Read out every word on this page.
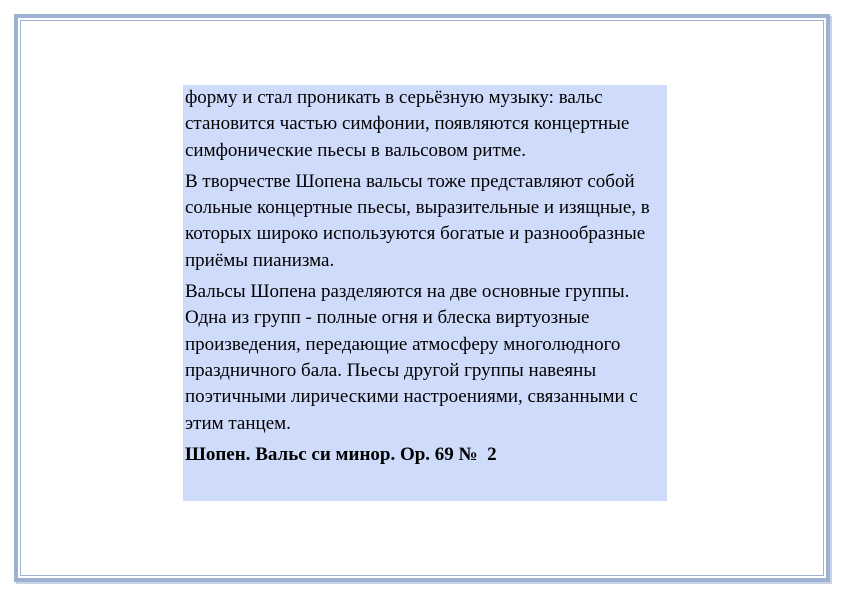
форму и стал проникать в серьёзную музыку: вальс становится частью симфонии, появляются концертные симфонические пьесы в вальсовом ритме.

В творчестве Шопена вальсы тоже представляют собой сольные концертные пьесы, выразительные и изящные, в которых широко используются богатые и разнообразные приёмы пианизма.

Вальсы Шопена разделяются на две основные группы. Одна из групп - полные огня и блеска виртуозные произведения, передающие атмосферу многолюдного праздничного бала. Пьесы другой группы навеяны поэтичными лирическими настроениями, связанными с этим танцем.

Шопен. Вальс си минор. Ор. 69 №  2
